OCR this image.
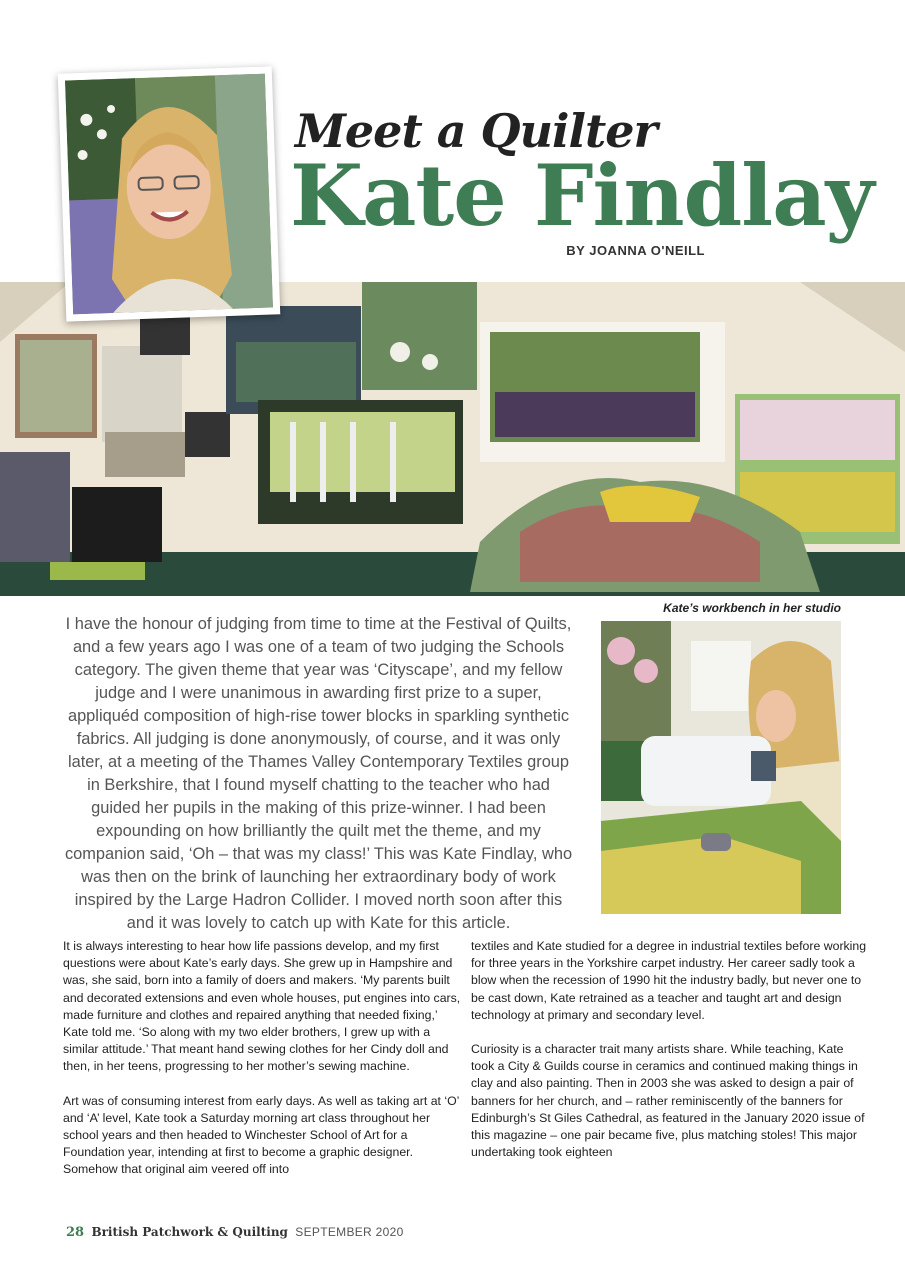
Meet a Quilter
Kate Findlay
BY JOANNA O'NEILL
Kate’s workbench in her studio

I have the honour of judging from time to time at the Festival of Quilts, and a few years ago I was one of a team of two judging the Schools category. The given theme that year was ‘Cityscape’, and my fellow judge and I were unanimous in awarding first prize to a super, appliquéd composition of high-rise tower blocks in sparkling synthetic fabrics. All judging is done anonymously, of course, and it was only later, at a meeting of the Thames Valley Contemporary Textiles group in Berkshire, that I found myself chatting to the teacher who had guided her pupils in the making of this prize-winner. I had been expounding on how brilliantly the quilt met the theme, and my companion said, ‘Oh – that was my class!’ This was Kate Findlay, who was then on the brink of launching her extraordinary body of work inspired by the Large Hadron Collider. I moved north soon after this and it was lovely to catch up with Kate for this article.

It is always interesting to hear how life passions develop, and my first questions were about Kate’s early days. She grew up in Hampshire and was, she said, born into a family of doers and makers. ‘My parents built and decorated extensions and even whole houses, put engines into cars, made furniture and clothes and repaired anything that needed fixing,’ Kate told me. ‘So along with my two elder brothers, I grew up with a similar attitude.’ That meant hand sewing clothes for her Cindy doll and then, in her teens, progressing to her mother’s sewing machine.

Art was of consuming interest from early days. As well as taking art at ‘O’ and ‘A’ level, Kate took a Saturday morning art class throughout her school years and then headed to Winchester School of Art for a Foundation year, intending at first to become a graphic designer. Somehow that original aim veered off into

textiles and Kate studied for a degree in industrial textiles before working for three years in the Yorkshire carpet industry. Her career sadly took a blow when the recession of 1990 hit the industry badly, but never one to be cast down, Kate retrained as a teacher and taught art and design technology at primary and secondary level.

Curiosity is a character trait many artists share. While teaching, Kate took a City & Guilds course in ceramics and continued making things in clay and also painting. Then in 2003 she was asked to design a pair of banners for her church, and – rather reminiscently of the banners for Edinburgh’s St Giles Cathedral, as featured in the January 2020 issue of this magazine – one pair became five, plus matching stoles! This major undertaking took eighteen

28 British Patchwork & Quilting SEPTEMBER 2020
